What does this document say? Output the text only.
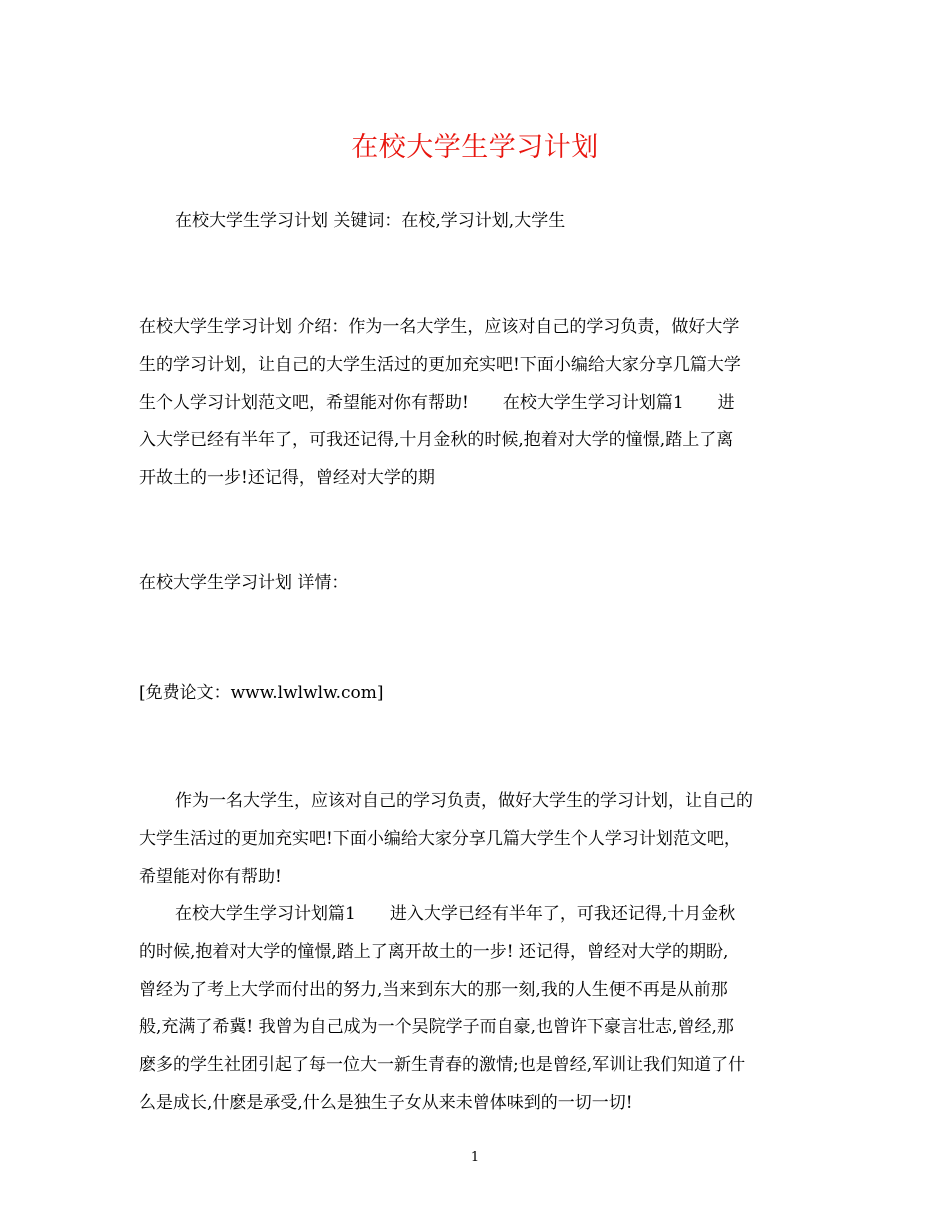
在校大学生学习计划

在校大学生学习计划 关键词：在校,学习计划,大学生

在校大学生学习计划 介绍：作为一名大学生，应该对自己的学习负责，做好大学
生的学习计划，让自己的大学生活过的更加充实吧!下面小编给大家分享几篇大学
生个人学习计划范文吧，希望能对你有帮助! 在校大学生学习计划篇1 进
入大学已经有半年了，可我还记得,十月金秋的时候,抱着对大学的憧憬,踏上了离
开故土的一步!还记得，曾经对大学的期

在校大学生学习计划 详情：

[免费论文：www.lwlwlw.com]

作为一名大学生，应该对自己的学习负责，做好大学生的学习计划，让自己的
大学生活过的更加充实吧!下面小编给大家分享几篇大学生个人学习计划范文吧，
希望能对你有帮助!

在校大学生学习计划篇1 进入大学已经有半年了，可我还记得,十月金秋
的时候,抱着对大学的憧憬,踏上了离开故土的一步! 还记得，曾经对大学的期盼,
曾经为了考上大学而付出的努力,当来到东大的那一刻,我的人生便不再是从前那
般,充满了希冀! 我曾为自己成为一个吴院学子而自豪,也曾许下豪言壮志,曾经,那
麽多的学生社团引起了每一位大一新生青春的激情;也是曾经,军训让我们知道了什
么是成长,什麽是承受,什么是独生子女从来未曾体味到的一切一切!

1
